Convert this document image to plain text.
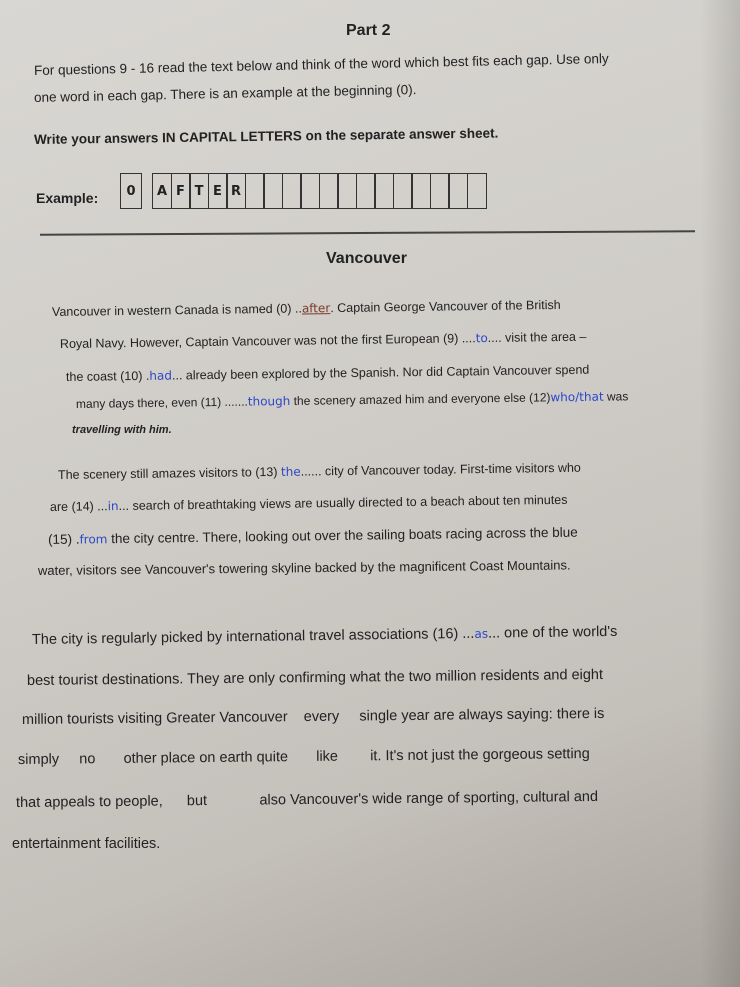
Part 2
For questions 9 - 16 read the text below and think of the word which best fits each gap. Use only
one word in each gap. There is an example at the beginning (0).
Write your answers IN CAPITAL LETTERS on the separate answer sheet.
Example:	0	A F T E R
Vancouver
Vancouver in western Canada is named (0) ..after. Captain George Vancouver of the British
Royal Navy. However, Captain Vancouver was not the first European (9) ....to.... visit the area –
the coast (10) .had... already been explored by the Spanish. Nor did Captain Vancouver spend
many days there, even (11) .......though the scenery amazed him and everyone else (12)who/that was
travelling with him.
The scenery still amazes visitors to (13) the...... city of Vancouver today. First-time visitors who
are (14) ...in... search of breathtaking views are usually directed to a beach about ten minutes
(15) .from the city centre. There, looking out over the sailing boats racing across the blue
water, visitors see Vancouver's towering skyline backed by the magnificent Coast Mountains.
The city is regularly picked by international travel associations (16) ...as... one of the world's
best tourist destinations. They are only confirming what the two million residents and eight
million tourists visiting Greater Vancouver    every     single year are always saying: there is
simply     no       other place on earth quite       like        it. It's not just the gorgeous setting
that appeals to people,      but             also Vancouver's wide range of sporting, cultural and
entertainment facilities.
